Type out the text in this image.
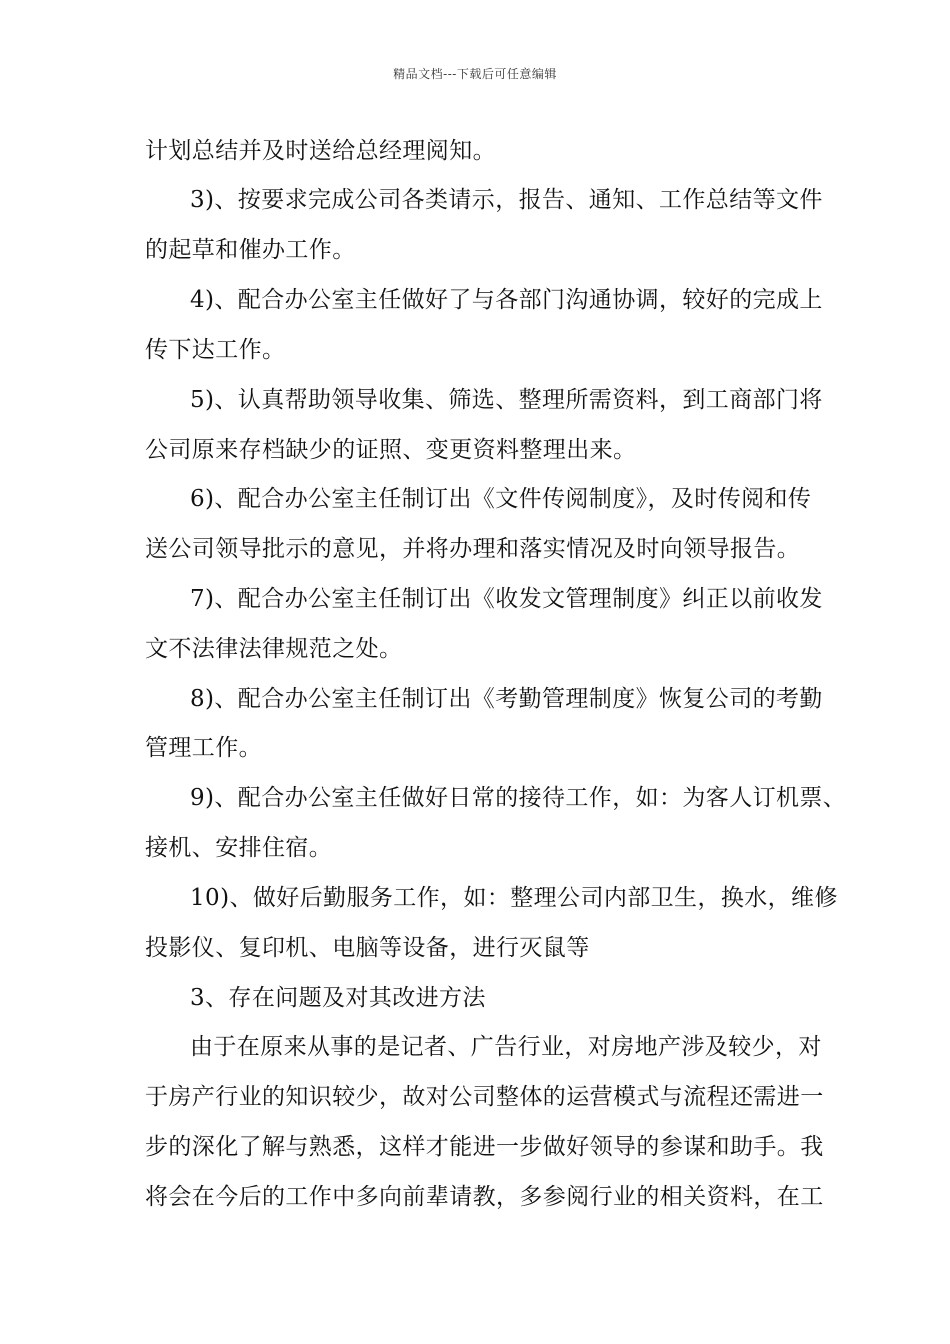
精品文档---下载后可任意编辑
计划总结并及时送给总经理阅知。
3)、按要求完成公司各类请示，报告、通知、工作总结等文件
的起草和催办工作。
4)、配合办公室主任做好了与各部门沟通协调，较好的完成上
传下达工作。
5)、认真帮助领导收集、筛选、整理所需资料，到工商部门将
公司原来存档缺少的证照、变更资料整理出来。
6)、配合办公室主任制订出《文件传阅制度》，及时传阅和传
送公司领导批示的意见，并将办理和落实情况及时向领导报告。
7)、配合办公室主任制订出《收发文管理制度》纠正以前收发
文不法律法律规范之处。
8)、配合办公室主任制订出《考勤管理制度》恢复公司的考勤
管理工作。
9)、配合办公室主任做好日常的接待工作，如：为客人订机票、
接机、安排住宿。
10)、做好后勤服务工作，如：整理公司内部卫生，换水，维修
投影仪、复印机、电脑等设备，进行灭鼠等
3、存在问题及对其改进方法
由于在原来从事的是记者、广告行业，对房地产涉及较少，对
于房产行业的知识较少，故对公司整体的运营模式与流程还需进一
步的深化了解与熟悉，这样才能进一步做好领导的参谋和助手。我
将会在今后的工作中多向前辈请教，多参阅行业的相关资料，在工
